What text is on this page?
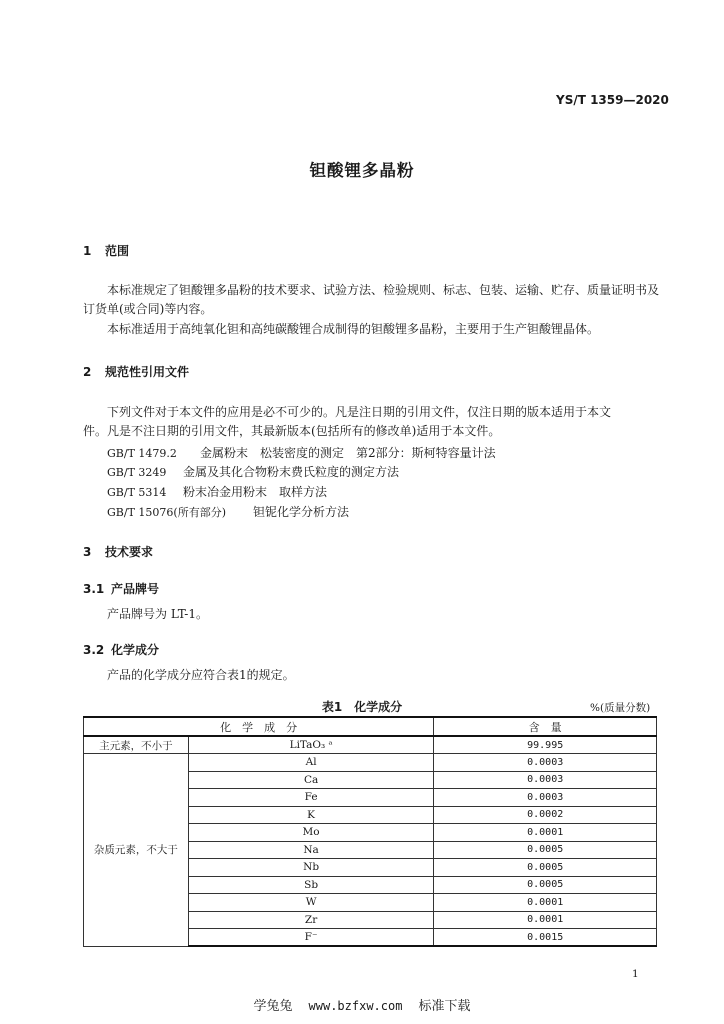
YS/T 1359—2020
钽酸锂多晶粉
1 范围
本标准规定了钽酸锂多晶粉的技术要求、试验方法、检验规则、标志、包装、运输、贮存、质量证明书及
订货单(或合同)等内容。
本标准适用于高纯氧化钽和高纯碳酸锂合成制得的钽酸锂多晶粉，主要用于生产钽酸锂晶体。
2 规范性引用文件
下列文件对于本文件的应用是必不可少的。凡是注日期的引用文件，仅注日期的版本适用于本文
件。凡是不注日期的引用文件，其最新版本(包括所有的修改单)适用于本文件。
GB/T 1479.2 金属粉末　松装密度的测定　第2部分：斯柯特容量计法
GB/T 3249 金属及其化合物粉末费氏粒度的测定方法
GB/T 5314 粉末冶金用粉末　取样方法
GB/T 15076(所有部分) 钽铌化学分析方法
3 技术要求
3.1 产品牌号
产品牌号为 LT-1。
3.2 化学成分
产品的化学成分应符合表1的规定。
表1　化学成分	%(质量分数)
化　学　成　分		含　量
主元素，不小于	LiTaO₃ ᵃ	99.995
杂质元素，不大于	Al	0.0003
	Ca	0.0003
	Fe	0.0003
	K	0.0002
	Mo	0.0001
	Na	0.0005
	Nb	0.0005
	Sb	0.0005
	W	0.0001
	Zr	0.0001
	F⁻	0.0015
1
学兔兔 www.bzfxw.com 标准下载
